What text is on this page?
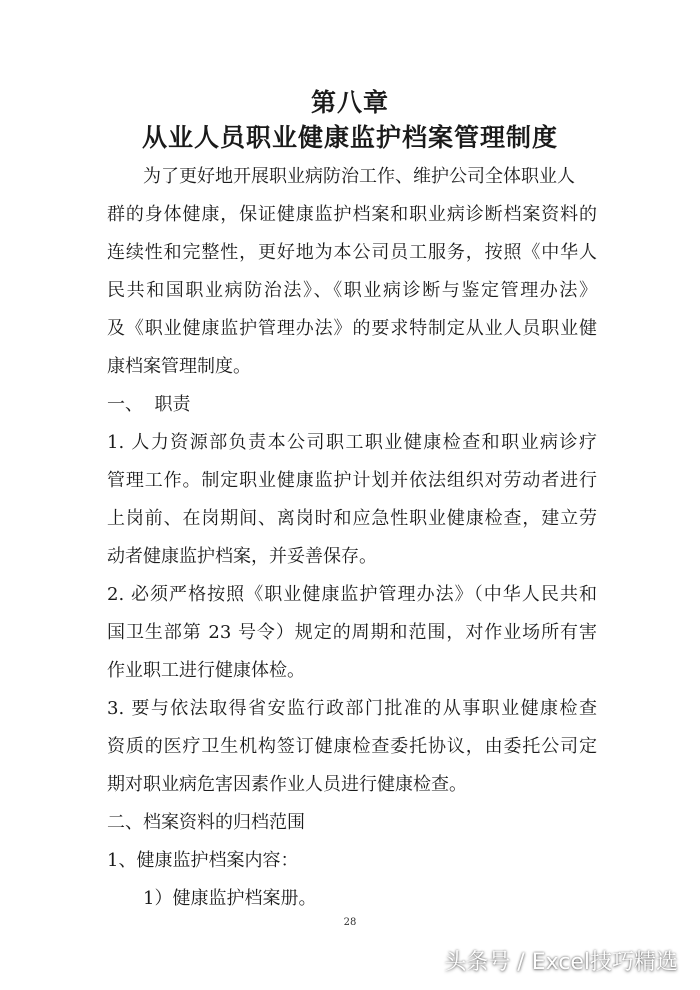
第八章
从业人员职业健康监护档案管理制度
为了更好地开展职业病防治工作、维护公司全体职业人
群的身体健康，保证健康监护档案和职业病诊断档案资料的
连续性和完整性，更好地为本公司员工服务，按照《中华人
民共和国职业病防治法》、《职业病诊断与鉴定管理办法》
及《职业健康监护管理办法》的要求特制定从业人员职业健
康档案管理制度。
一、  职责
1. 人力资源部负责本公司职工职业健康检查和职业病诊疗
管理工作。制定职业健康监护计划并依法组织对劳动者进行
上岗前、在岗期间、离岗时和应急性职业健康检查，建立劳
动者健康监护档案，并妥善保存。
2. 必须严格按照《职业健康监护管理办法》（中华人民共和
国卫生部第 23 号令）规定的周期和范围，对作业场所有害
作业职工进行健康体检。
3. 要与依法取得省安监行政部门批准的从事职业健康检查
资质的医疗卫生机构签订健康检查委托协议，由委托公司定
期对职业病危害因素作业人员进行健康检查。
二、档案资料的归档范围
1、健康监护档案内容：
1）健康监护档案册。
28
头条号 / Excel技巧精选
